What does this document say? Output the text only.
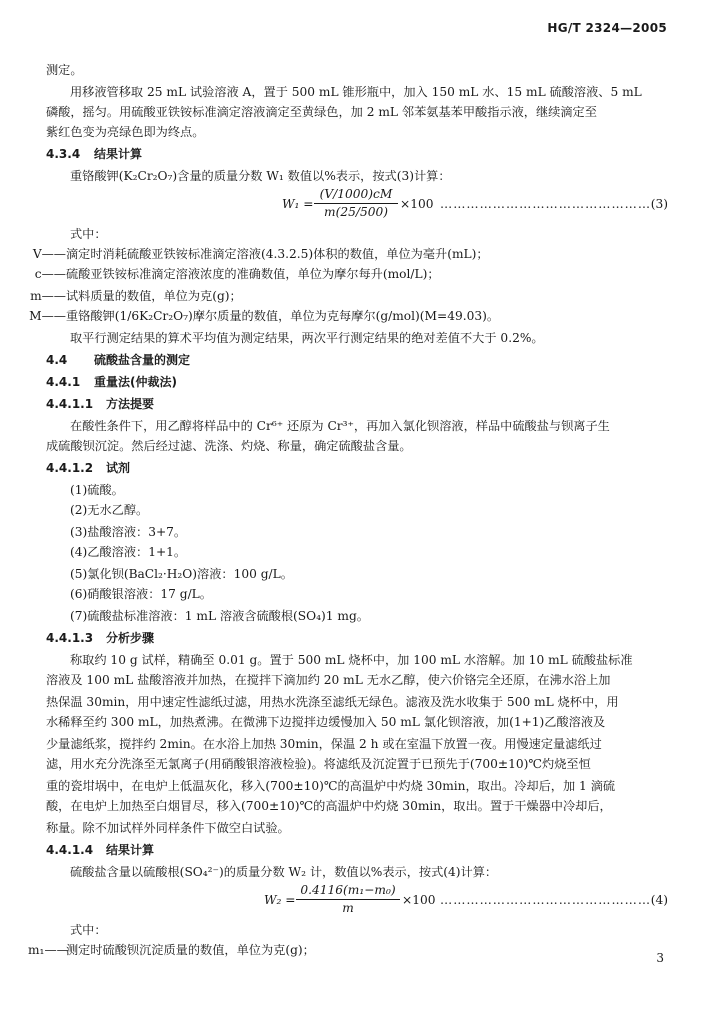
HG/T 2324—2005
测定。
用移液管移取 25 mL 试验溶液 A，置于 500 mL 锥形瓶中，加入 150 mL 水、15 mL 硫酸溶液、5 mL
磷酸，摇匀。用硫酸亚铁铵标准滴定溶液滴定至黄绿色，加 2 mL 邻苯氨基苯甲酸指示液，继续滴定至
紫红色变为亮绿色即为终点。
4.3.4 结果计算
重铬酸钾(K₂Cr₂O₇)含量的质量分数 W₁ 数值以%表示，按式(3)计算：
W₁ =
(V/1000)cM
m(25/500)
×100 ………………………………………… (3)
式中：
V——滴定时消耗硫酸亚铁铵标准滴定溶液(4.3.2.5)体积的数值，单位为毫升(mL)；
c——硫酸亚铁铵标准滴定溶液浓度的准确数值，单位为摩尔每升(mol/L)；
m——试料质量的数值，单位为克(g)；
M——重铬酸钾(1/6K₂Cr₂O₇)摩尔质量的数值，单位为克每摩尔(g/mol)(M=49.03)。
取平行测定结果的算术平均值为测定结果，两次平行测定结果的绝对差值不大于 0.2%。
4.4 硫酸盐含量的测定
4.4.1 重量法(仲裁法)
4.4.1.1 方法提要
在酸性条件下，用乙醇将样品中的 Cr⁶⁺ 还原为 Cr³⁺，再加入氯化钡溶液，样品中硫酸盐与钡离子生
成硫酸钡沉淀。然后经过滤、洗涤、灼烧、称量，确定硫酸盐含量。
4.4.1.2 试剂
(1)硫酸。
(2)无水乙醇。
(3)盐酸溶液：3+7。
(4)乙酸溶液：1+1。
(5)氯化钡(BaCl₂·H₂O)溶液：100 g/L。
(6)硝酸银溶液：17 g/L。
(7)硫酸盐标准溶液：1 mL 溶液含硫酸根(SO₄)1 mg。
4.4.1.3 分析步骤
称取约 10 g 试样，精确至 0.01 g。置于 500 mL 烧杯中，加 100 mL 水溶解。加 10 mL 硫酸盐标准
溶液及 100 mL 盐酸溶液并加热，在搅拌下滴加约 20 mL 无水乙醇，使六价铬完全还原，在沸水浴上加
热保温 30min，用中速定性滤纸过滤，用热水洗涤至滤纸无绿色。滤液及洗水收集于 500 mL 烧杯中，用
水稀释至约 300 mL，加热煮沸。在微沸下边搅拌边缓慢加入 50 mL 氯化钡溶液，加(1+1)乙酸溶液及
少量滤纸浆，搅拌约 2min。在水浴上加热 30min，保温 2 h 或在室温下放置一夜。用慢速定量滤纸过
滤，用水充分洗涤至无氯离子(用硝酸银溶液检验)。将滤纸及沉淀置于已预先于(700±10)℃灼烧至恒
重的瓷坩埚中，在电炉上低温灰化，移入(700±10)℃的高温炉中灼烧 30min，取出。冷却后，加 1 滴硫
酸，在电炉上加热至白烟冒尽，移入(700±10)℃的高温炉中灼烧 30min，取出。置于干燥器中冷却后，
称量。除不加试样外同样条件下做空白试验。
4.4.1.4 结果计算
硫酸盐含量以硫酸根(SO₄²⁻)的质量分数 W₂ 计，数值以%表示，按式(4)计算：
W₂ =
0.4116(m₁−m₀)
m
×100 ………………………………………… (4)
式中：
m₁——测定时硫酸钡沉淀质量的数值，单位为克(g)；
3
